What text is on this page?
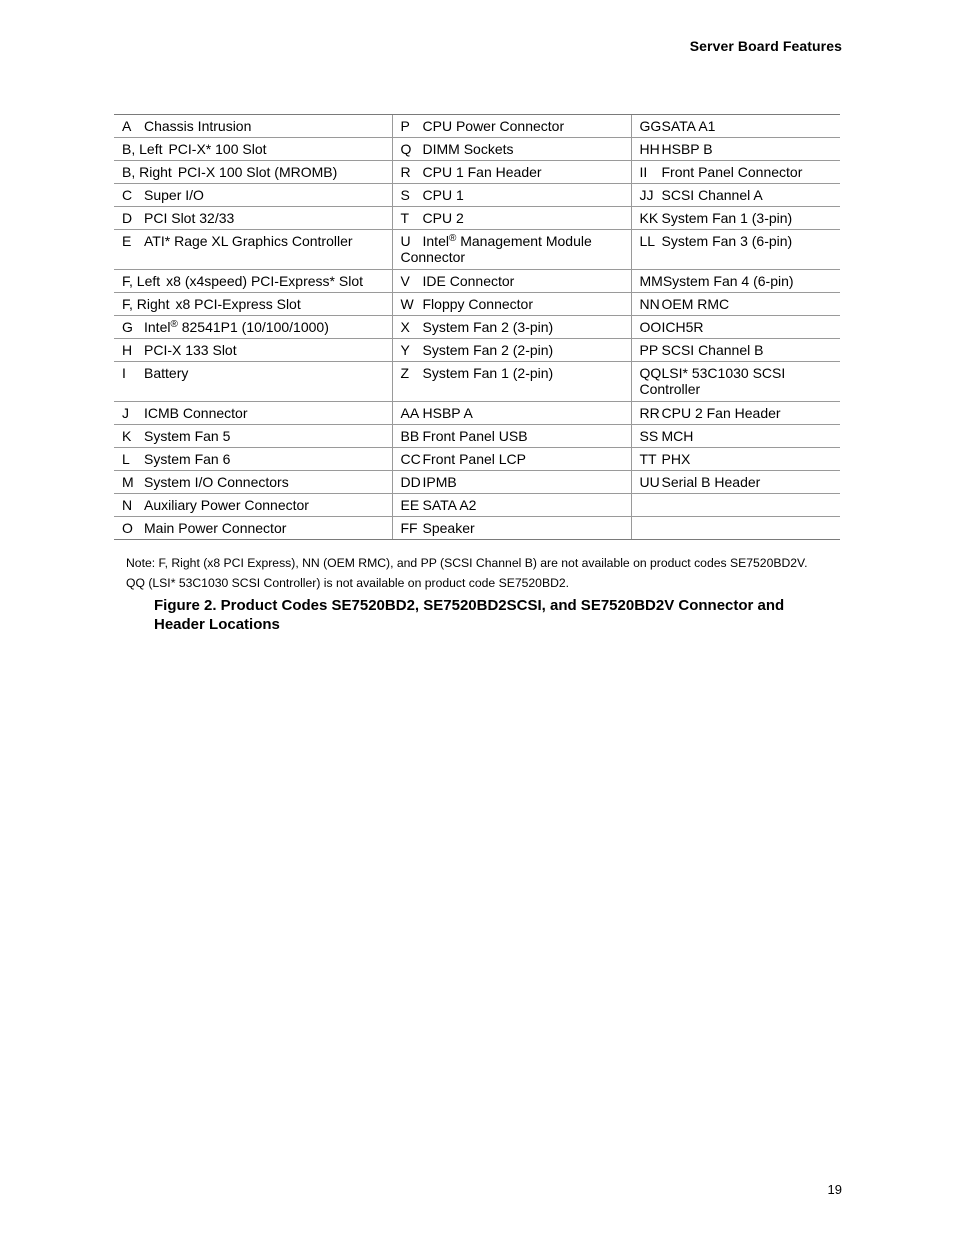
Server Board Features
A Chassis Intrusion	P CPU Power Connector	GGSATA A1
B, Left PCI-X* 100 Slot	Q DIMM Sockets	HH HSBP B
B, Right PCI-X 100 Slot (MROMB)	R CPU 1 Fan Header	II Front Panel Connector
C Super I/O	S CPU 1	JJ SCSI Channel A
D PCI Slot 32/33	T CPU 2	KK System Fan 1 (3-pin)
E ATI* Rage XL Graphics Controller	U Intel® Management Module Connector	LL System Fan 3 (6-pin)
F, Left x8 (x4speed) PCI-Express* Slot	V IDE Connector	MMSystem Fan 4 (6-pin)
F, Right x8 PCI-Express Slot	W Floppy Connector	NN OEM RMC
G Intel® 82541P1 (10/100/1000)	X System Fan 2 (3-pin)	OOICH5R
H PCI-X 133 Slot	Y System Fan 2 (2-pin)	PP SCSI Channel B
I Battery	Z System Fan 1 (2-pin)	QQLSI* 53C1030 SCSI Controller
J ICMB Connector	AA HSBP A	RR CPU 2 Fan Header
K System Fan 5	BB Front Panel USB	SS MCH
L System Fan 6	CC Front Panel LCP	TT PHX
M System I/O Connectors	DD IPMB	UU Serial B Header
N Auxiliary Power Connector	EE SATA A2	
O Main Power Connector	FF Speaker	
Note: F, Right (x8 PCI Express), NN (OEM RMC), and PP (SCSI Channel B) are not available on product codes SE7520BD2V.
QQ (LSI* 53C1030 SCSI Controller) is not available on product code SE7520BD2.
Figure 2. Product Codes SE7520BD2, SE7520BD2SCSI, and SE7520BD2V Connector and
Header Locations
19
